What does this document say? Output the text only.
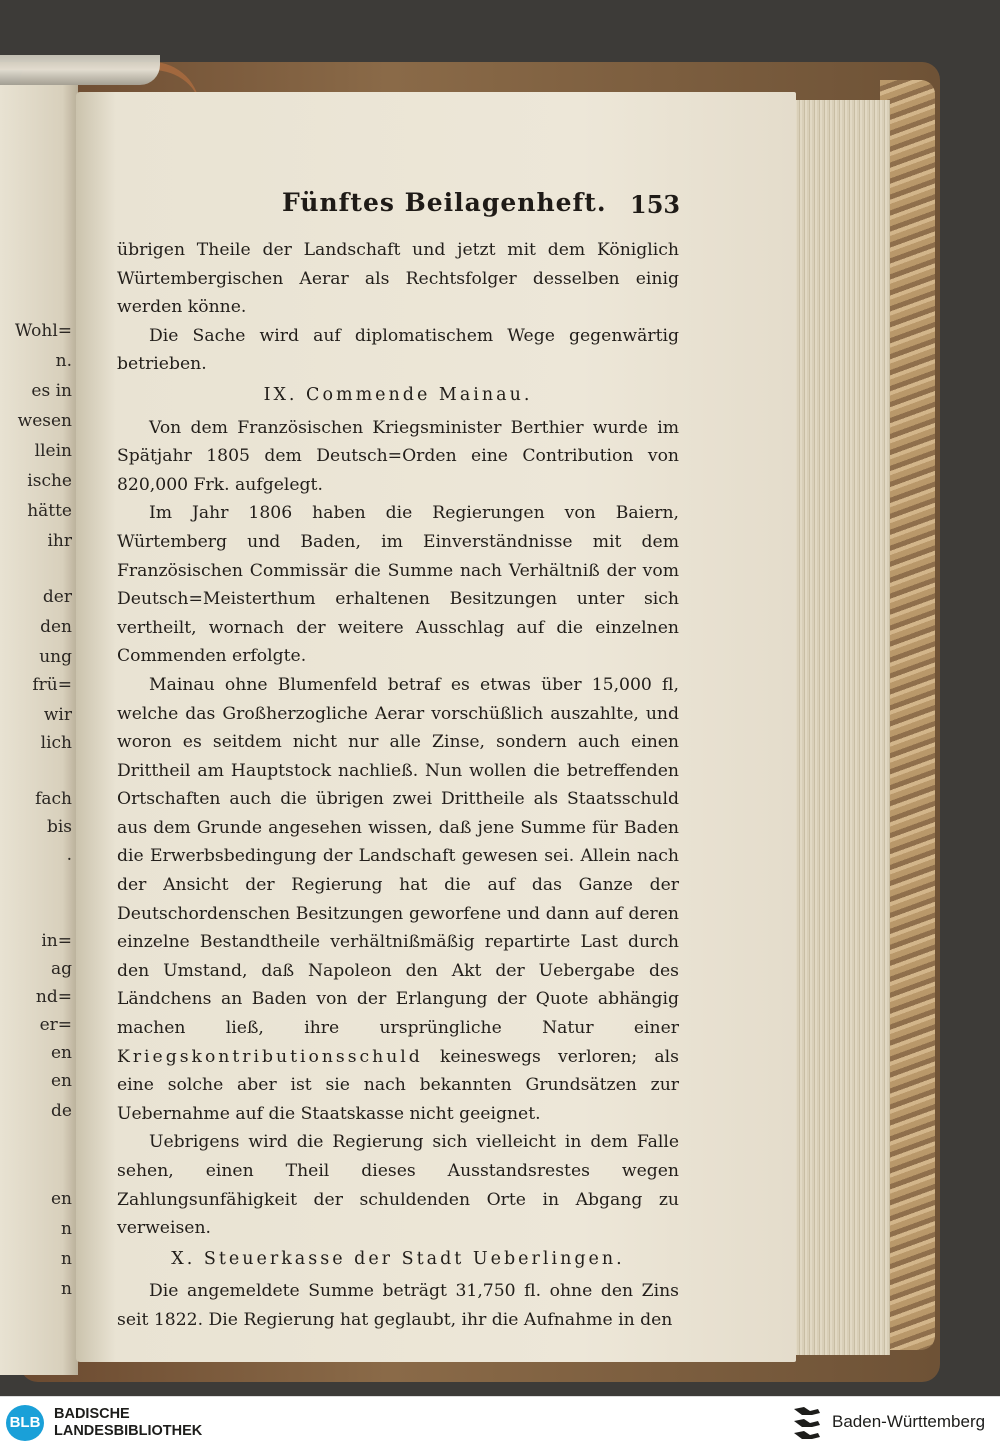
Wohl=
n.
es in
wesen
llein
ische
hätte
ihr
der
den
ung
frü=
wir
lich
fach
bis
.
in=
ag
nd=
er=
en
en
de
en
n
n
n
Fünftes Beilagenheft. 153

übrigen Theile der Landschaft und jetzt mit dem Königlich Würtembergischen Aerar als Rechtsfolger desselben einig werden könne.

Die Sache wird auf diplomatischem Wege gegenwärtig betrieben.

IX. Commende Mainau.

Von dem Französischen Kriegsminister Berthier wurde im Spätjahr 1805 dem Deutsch=Orden eine Contribution von 820,000 Frk. aufgelegt.

Im Jahr 1806 haben die Regierungen von Baiern, Würtemberg und Baden, im Einverständnisse mit dem Französischen Commissär die Summe nach Verhältniß der vom Deutsch=Meisterthum erhaltenen Besitzungen unter sich vertheilt, wornach der weitere Ausschlag auf die einzelnen Commenden erfolgte.

Mainau ohne Blumenfeld betraf es etwas über 15,000 fl, welche das Großherzogliche Aerar vorschüßlich auszahlte, und woron es seitdem nicht nur alle Zinse, sondern auch einen Drittheil am Hauptstock nachließ. Nun wollen die betreffenden Ortschaften auch die übrigen zwei Drittheile als Staatsschuld aus dem Grunde angesehen wissen, daß jene Summe für Baden die Erwerbsbedingung der Landschaft gewesen sei. Allein nach der Ansicht der Regierung hat die auf das Ganze der Deutschordenschen Besitzungen geworfene und dann auf deren einzelne Bestandtheile verhältnißmäßig repartirte Last durch den Umstand, daß Napoleon den Akt der Uebergabe des Ländchens an Baden von der Erlangung der Quote abhängig machen ließ, ihre ursprüngliche Natur einer Kriegskontributionsschuld keineswegs verloren; als eine solche aber ist sie nach bekannten Grundsätzen zur Uebernahme auf die Staatskasse nicht geeignet.

Uebrigens wird die Regierung sich vielleicht in dem Falle sehen, einen Theil dieses Ausstandsrestes wegen Zahlungsunfähigkeit der schuldenden Orte in Abgang zu verweisen.

X. Steuerkasse der Stadt Ueberlingen.

Die angemeldete Summe beträgt 31,750 fl. ohne den Zins seit 1822. Die Regierung hat geglaubt, ihr die Aufnahme in den

BLB BADISCHE
LANDESBIBLIOTHEK	Baden-Württemberg
